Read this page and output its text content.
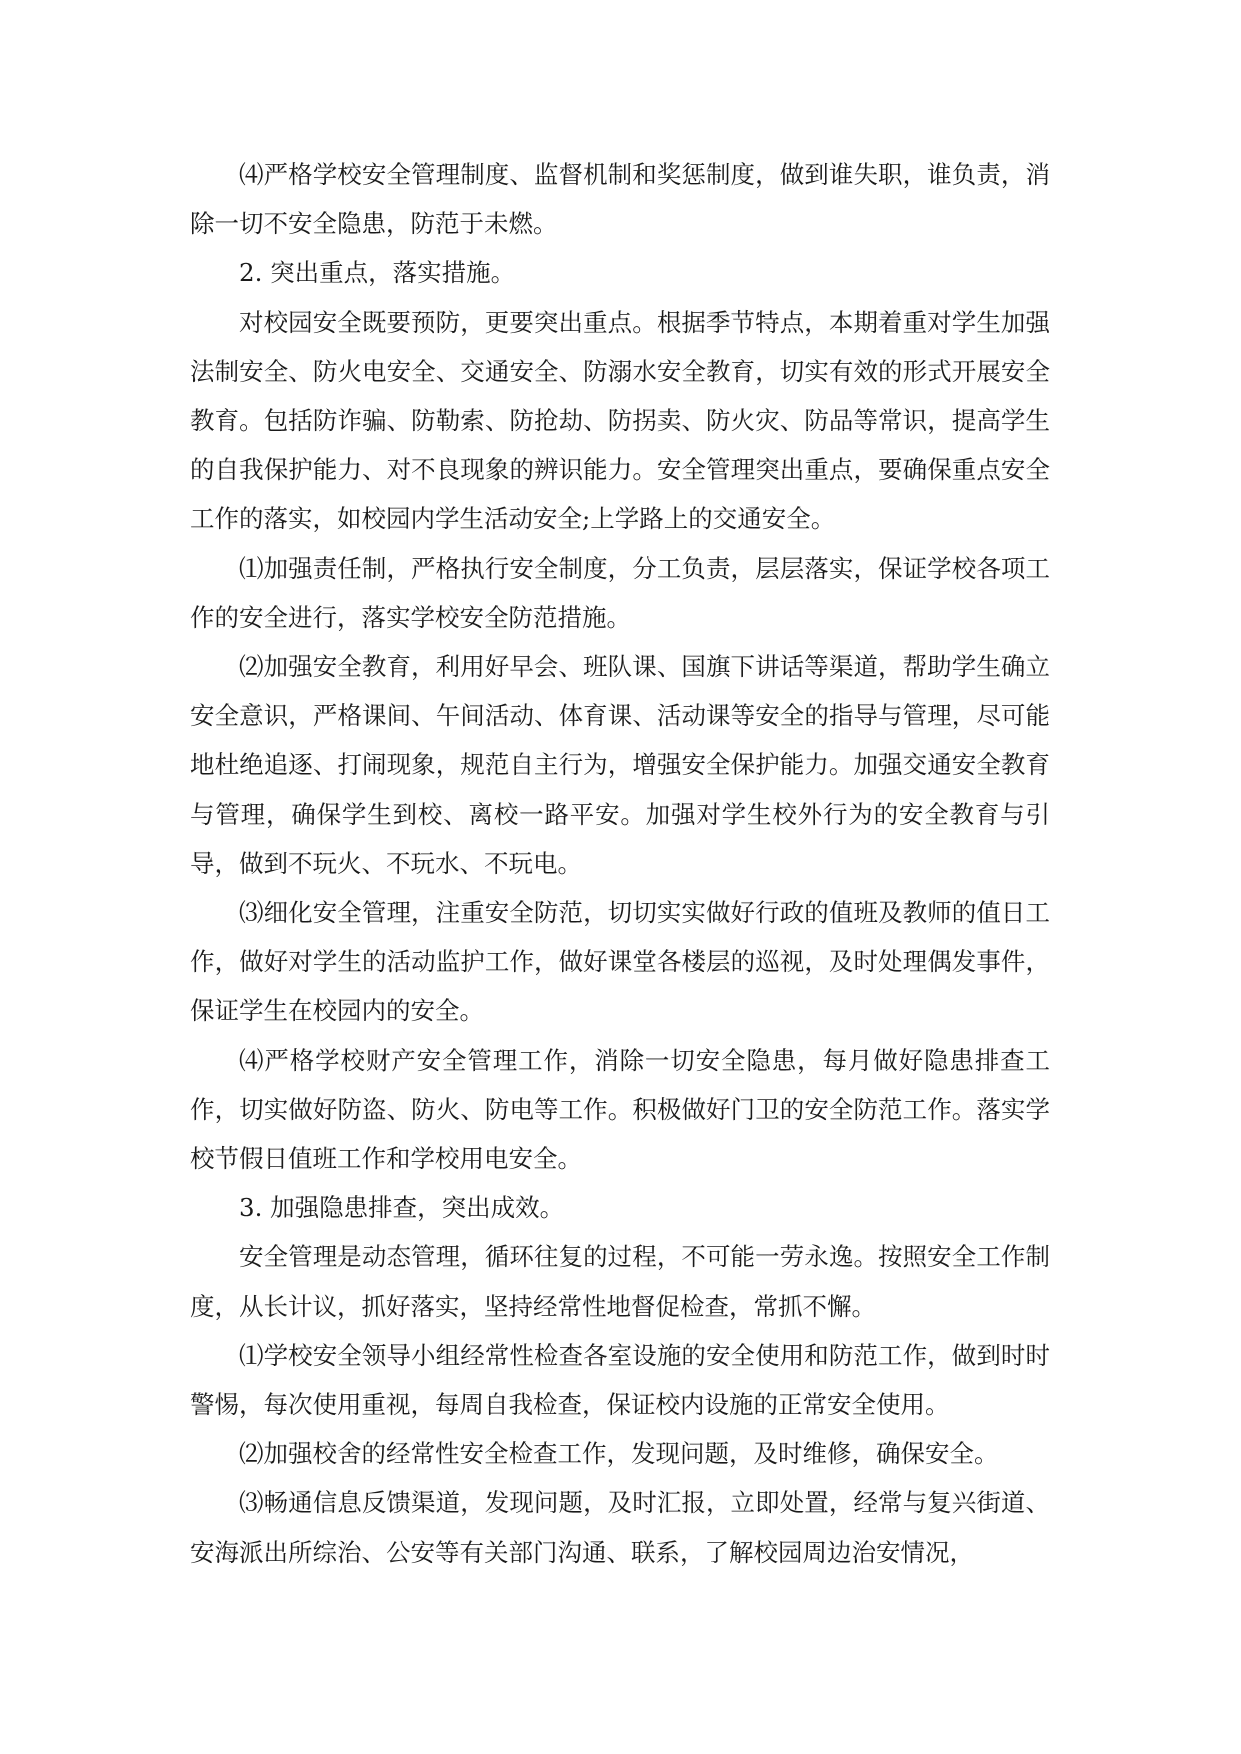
⑷严格学校安全管理制度、监督机制和奖惩制度，做到谁失职，谁负责，消除一切不安全隐患，防范于未燃。

2. 突出重点，落实措施。

对校园安全既要预防，更要突出重点。根据季节特点，本期着重对学生加强法制安全、防火电安全、交通安全、防溺水安全教育，切实有效的形式开展安全教育。包括防诈骗、防勒索、防抢劫、防拐卖、防火灾、防品等常识，提高学生的自我保护能力、对不良现象的辨识能力。安全管理突出重点，要确保重点安全工作的落实，如校园内学生活动安全;上学路上的交通安全。

⑴加强责任制，严格执行安全制度，分工负责，层层落实，保证学校各项工作的安全进行，落实学校安全防范措施。

⑵加强安全教育，利用好早会、班队课、国旗下讲话等渠道，帮助学生确立安全意识，严格课间、午间活动、体育课、活动课等安全的指导与管理，尽可能地杜绝追逐、打闹现象，规范自主行为，增强安全保护能力。加强交通安全教育与管理，确保学生到校、离校一路平安。加强对学生校外行为的安全教育与引导，做到不玩火、不玩水、不玩电。

⑶细化安全管理，注重安全防范，切切实实做好行政的值班及教师的值日工作，做好对学生的活动监护工作，做好课堂各楼层的巡视，及时处理偶发事件，保证学生在校园内的安全。

⑷严格学校财产安全管理工作，消除一切安全隐患，每月做好隐患排查工作，切实做好防盗、防火、防电等工作。积极做好门卫的安全防范工作。落实学校节假日值班工作和学校用电安全。

3. 加强隐患排查，突出成效。

安全管理是动态管理，循环往复的过程，不可能一劳永逸。按照安全工作制度，从长计议，抓好落实，坚持经常性地督促检查，常抓不懈。

⑴学校安全领导小组经常性检查各室设施的安全使用和防范工作，做到时时警惕，每次使用重视，每周自我检查，保证校内设施的正常安全使用。

⑵加强校舍的经常性安全检查工作，发现问题，及时维修，确保安全。

⑶畅通信息反馈渠道，发现问题，及时汇报，立即处置，经常与复兴街道、安海派出所综治、公安等有关部门沟通、联系，了解校园周边治安情况，
